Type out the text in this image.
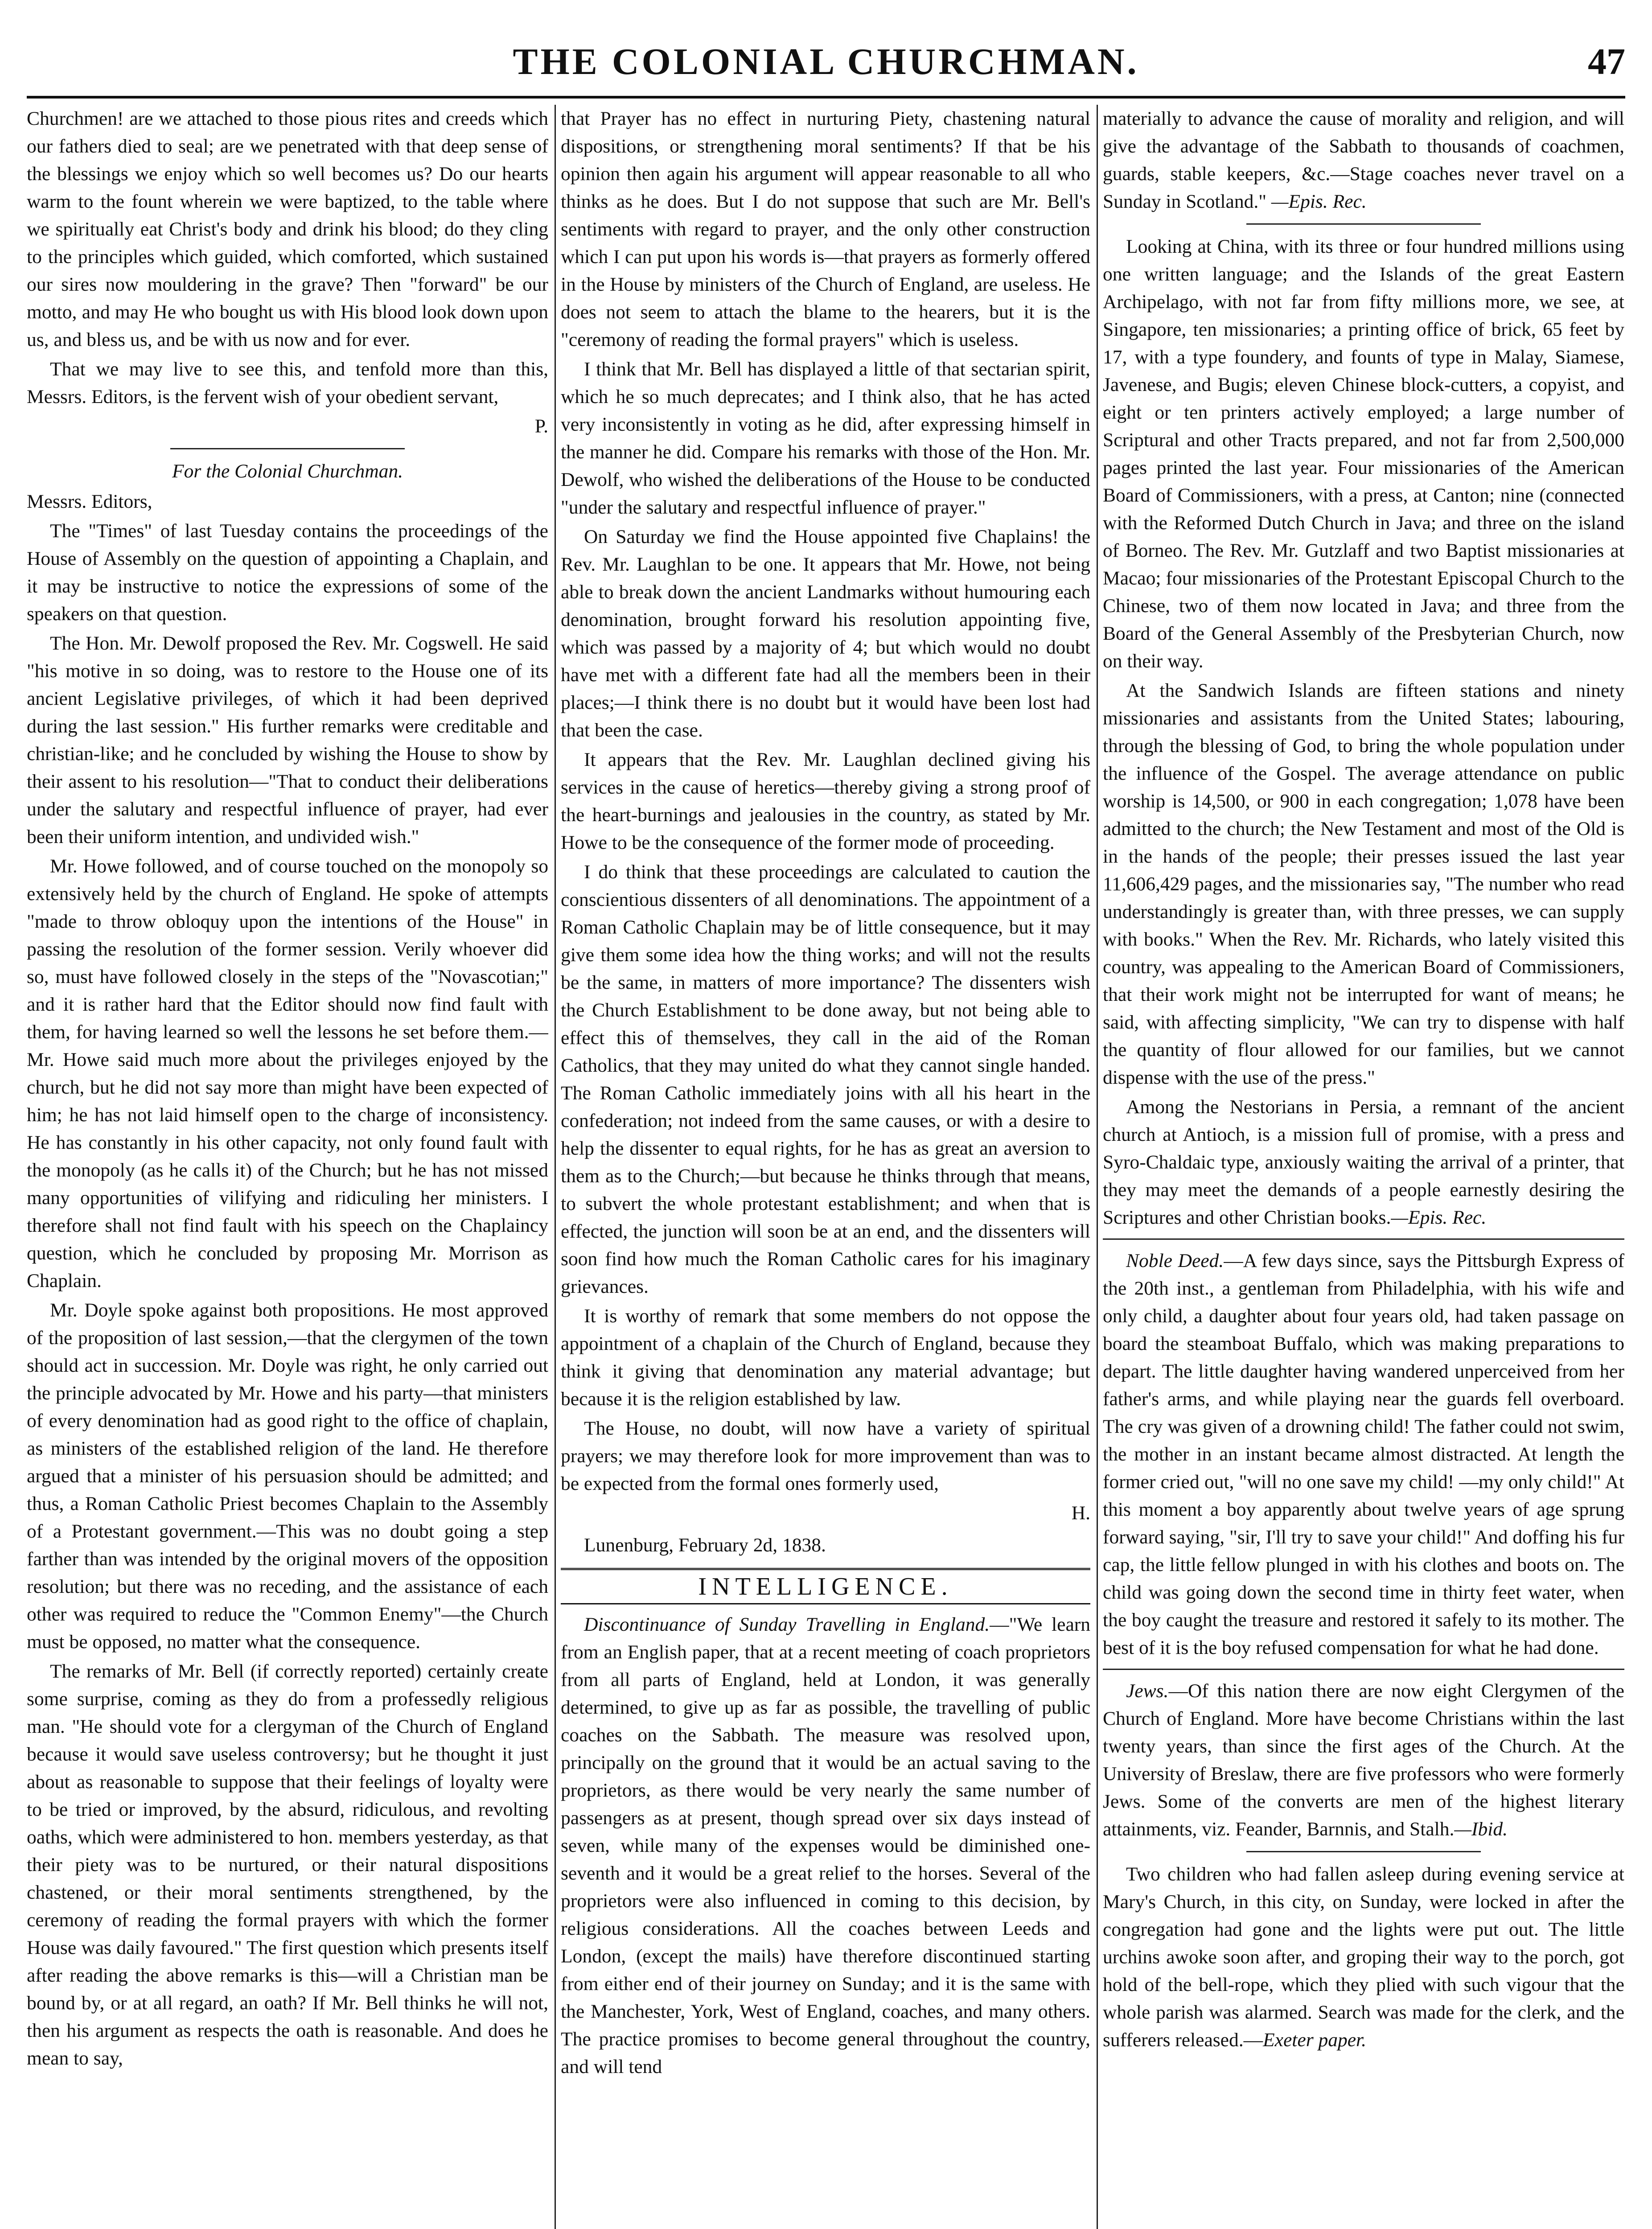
THE COLONIAL CHURCHMAN.	47

Churchmen! are we attached to those pious rites and creeds which our fathers died to seal; are we penetrated with that deep sense of the blessings we enjoy which so well becomes us? Do our hearts warm to the fount wherein we were baptized, to the table where we spiritually eat Christ's body and drink his blood; do they cling to the principles which guided, which comforted, which sustained our sires now mouldering in the grave? Then "forward" be our motto, and may He who bought us with His blood look down upon us, and bless us, and be with us now and for ever.

That we may live to see this, and tenfold more than this, Messrs. Editors, is the fervent wish of your obedient servant,

P.
For the Colonial Churchman.

Messrs. Editors,

The "Times" of last Tuesday contains the proceedings of the House of Assembly on the question of appointing a Chaplain, and it may be instructive to notice the expressions of some of the speakers on that question.

The Hon. Mr. Dewolf proposed the Rev. Mr. Cogswell. He said "his motive in so doing, was to restore to the House one of its ancient Legislative privileges, of which it had been deprived during the last session." His further remarks were creditable and christian-like; and he concluded by wishing the House to show by their assent to his resolution—"That to conduct their deliberations under the salutary and respectful influence of prayer, had ever been their uniform intention, and undivided wish."

Mr. Howe followed, and of course touched on the monopoly so extensively held by the church of England. He spoke of attempts "made to throw obloquy upon the intentions of the House" in passing the resolution of the former session. Verily whoever did so, must have followed closely in the steps of the "Novascotian;" and it is rather hard that the Editor should now find fault with them, for having learned so well the lessons he set before them.—Mr. Howe said much more about the privileges enjoyed by the church, but he did not say more than might have been expected of him; he has not laid himself open to the charge of inconsistency. He has constantly in his other capacity, not only found fault with the monopoly (as he calls it) of the Church; but he has not missed many opportunities of vilifying and ridiculing her ministers. I therefore shall not find fault with his speech on the Chaplaincy question, which he concluded by proposing Mr. Morrison as Chaplain.

Mr. Doyle spoke against both propositions. He most approved of the proposition of last session,—that the clergymen of the town should act in succession. Mr. Doyle was right, he only carried out the principle advocated by Mr. Howe and his party—that ministers of every denomination had as good right to the office of chaplain, as ministers of the established religion of the land. He therefore argued that a minister of his persuasion should be admitted; and thus, a Roman Catholic Priest becomes Chaplain to the Assembly of a Protestant government.—This was no doubt going a step farther than was intended by the original movers of the opposition resolution; but there was no receding, and the assistance of each other was required to reduce the "Common Enemy"—the Church must be opposed, no matter what the consequence.

The remarks of Mr. Bell (if correctly reported) certainly create some surprise, coming as they do from a professedly religious man. "He should vote for a clergyman of the Church of England because it would save useless controversy; but he thought it just about as reasonable to suppose that their feelings of loyalty were to be tried or improved, by the absurd, ridiculous, and revolting oaths, which were administered to hon. members yesterday, as that their piety was to be nurtured, or their natural dispositions chastened, or their moral sentiments strengthened, by the ceremony of reading the formal prayers with which the former House was daily favoured." The first question which presents itself after reading the above remarks is this—will a Christian man be bound by, or at all regard, an oath? If Mr. Bell thinks he will not, then his argument as respects the oath is reasonable. And does he mean to say,

that Prayer has no effect in nurturing Piety, chastening natural dispositions, or strengthening moral sentiments? If that be his opinion then again his argument will appear reasonable to all who thinks as he does. But I do not suppose that such are Mr. Bell's sentiments with regard to prayer, and the only other construction which I can put upon his words is—that prayers as formerly offered in the House by ministers of the Church of England, are useless. He does not seem to attach the blame to the hearers, but it is the "ceremony of reading the formal prayers" which is useless.

I think that Mr. Bell has displayed a little of that sectarian spirit, which he so much deprecates; and I think also, that he has acted very inconsistently in voting as he did, after expressing himself in the manner he did. Compare his remarks with those of the Hon. Mr. Dewolf, who wished the deliberations of the House to be conducted "under the salutary and respectful influence of prayer."

On Saturday we find the House appointed five Chaplains! the Rev. Mr. Laughlan to be one. It appears that Mr. Howe, not being able to break down the ancient Landmarks without humouring each denomination, brought forward his resolution appointing five, which was passed by a majority of 4; but which would no doubt have met with a different fate had all the members been in their places;—I think there is no doubt but it would have been lost had that been the case.

It appears that the Rev. Mr. Laughlan declined giving his services in the cause of heretics—thereby giving a strong proof of the heart-burnings and jealousies in the country, as stated by Mr. Howe to be the consequence of the former mode of proceeding.

I do think that these proceedings are calculated to caution the conscientious dissenters of all denominations. The appointment of a Roman Catholic Chaplain may be of little consequence, but it may give them some idea how the thing works; and will not the results be the same, in matters of more importance? The dissenters wish the Church Establishment to be done away, but not being able to effect this of themselves, they call in the aid of the Roman Catholics, that they may united do what they cannot single handed. The Roman Catholic immediately joins with all his heart in the confederation; not indeed from the same causes, or with a desire to help the dissenter to equal rights, for he has as great an aversion to them as to the Church;—but because he thinks through that means, to subvert the whole protestant establishment; and when that is effected, the junction will soon be at an end, and the dissenters will soon find how much the Roman Catholic cares for his imaginary grievances.

It is worthy of remark that some members do not oppose the appointment of a chaplain of the Church of England, because they think it giving that denomination any material advantage; but because it is the religion established by law.

The House, no doubt, will now have a variety of spiritual prayers; we may therefore look for more improvement than was to be expected from the formal ones formerly used,

H.

Lunenburg, February 2d, 1838.

INTELLIGENCE.

Discontinuance of Sunday Travelling in England.—"We learn from an English paper, that at a recent meeting of coach proprietors from all parts of England, held at London, it was generally determined, to give up as far as possible, the travelling of public coaches on the Sabbath. The measure was resolved upon, principally on the ground that it would be an actual saving to the proprietors, as there would be very nearly the same number of passengers as at present, though spread over six days instead of seven, while many of the expenses would be diminished one-seventh and it would be a great relief to the horses. Several of the proprietors were also influenced in coming to this decision, by religious considerations. All the coaches between Leeds and London, (except the mails) have therefore discontinued starting from either end of their journey on Sunday; and it is the same with the Manchester, York, West of England, coaches, and many others. The practice promises to become general throughout the country, and will tend

materially to advance the cause of morality and religion, and will give the advantage of the Sabbath to thousands of coachmen, guards, stable keepers, &c.—Stage coaches never travel on a Sunday in Scotland." —Epis. Rec.

Looking at China, with its three or four hundred millions using one written language; and the Islands of the great Eastern Archipelago, with not far from fifty millions more, we see, at Singapore, ten missionaries; a printing office of brick, 65 feet by 17, with a type foundery, and founts of type in Malay, Siamese, Javenese, and Bugis; eleven Chinese block-cutters, a copyist, and eight or ten printers actively employed; a large number of Scriptural and other Tracts prepared, and not far from 2,500,000 pages printed the last year. Four missionaries of the American Board of Commissioners, with a press, at Canton; nine (connected with the Reformed Dutch Church in Java; and three on the island of Borneo. The Rev. Mr. Gutzlaff and two Baptist missionaries at Macao; four missionaries of the Protestant Episcopal Church to the Chinese, two of them now located in Java; and three from the Board of the General Assembly of the Presbyterian Church, now on their way.

At the Sandwich Islands are fifteen stations and ninety missionaries and assistants from the United States; labouring, through the blessing of God, to bring the whole population under the influence of the Gospel. The average attendance on public worship is 14,500, or 900 in each congregation; 1,078 have been admitted to the church; the New Testament and most of the Old is in the hands of the people; their presses issued the last year 11,606,429 pages, and the missionaries say, "The number who read understandingly is greater than, with three presses, we can supply with books." When the Rev. Mr. Richards, who lately visited this country, was appealing to the American Board of Commissioners, that their work might not be interrupted for want of means; he said, with affecting simplicity, "We can try to dispense with half the quantity of flour allowed for our families, but we cannot dispense with the use of the press."

Among the Nestorians in Persia, a remnant of the ancient church at Antioch, is a mission full of promise, with a press and Syro-Chaldaic type, anxiously waiting the arrival of a printer, that they may meet the demands of a people earnestly desiring the Scriptures and other Christian books.—Epis. Rec.

Noble Deed.—A few days since, says the Pittsburgh Express of the 20th inst., a gentleman from Philadelphia, with his wife and only child, a daughter about four years old, had taken passage on board the steamboat Buffalo, which was making preparations to depart. The little daughter having wandered unperceived from her father's arms, and while playing near the guards fell overboard. The cry was given of a drowning child! The father could not swim, the mother in an instant became almost distracted. At length the former cried out, "will no one save my child! —my only child!" At this moment a boy apparently about twelve years of age sprung forward saying, "sir, I'll try to save your child!" And doffing his fur cap, the little fellow plunged in with his clothes and boots on. The child was going down the second time in thirty feet water, when the boy caught the treasure and restored it safely to its mother. The best of it is the boy refused compensation for what he had done.

Jews.—Of this nation there are now eight Clergymen of the Church of England. More have become Christians within the last twenty years, than since the first ages of the Church. At the University of Breslaw, there are five professors who were formerly Jews. Some of the converts are men of the highest literary attainments, viz. Feander, Barnnis, and Stalh.—Ibid.

Two children who had fallen asleep during evening service at Mary's Church, in this city, on Sunday, were locked in after the congregation had gone and the lights were put out. The little urchins awoke soon after, and groping their way to the porch, got hold of the bell-rope, which they plied with such vigour that the whole parish was alarmed. Search was made for the clerk, and the sufferers released.—Exeter paper.
